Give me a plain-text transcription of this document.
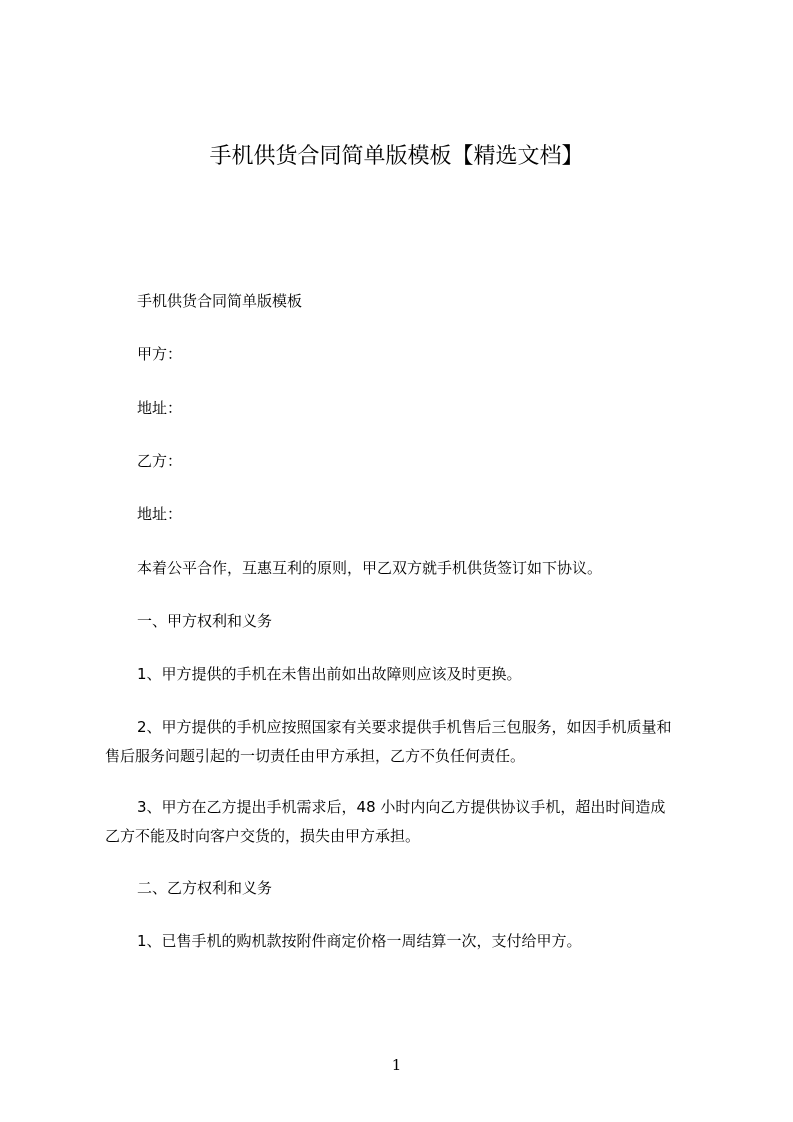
手机供货合同简单版模板【精选文档】

手机供货合同简单版模板

甲方：

地址：

乙方：

地址：

本着公平合作，互惠互利的原则，甲乙双方就手机供货签订如下协议。

一、甲方权利和义务

1、甲方提供的手机在未售出前如出故障则应该及时更换。

2、甲方提供的手机应按照国家有关要求提供手机售后三包服务，如因手机质量和
售后服务问题引起的一切责任由甲方承担，乙方不负任何责任。
3、甲方在乙方提出手机需求后，48 小时内向乙方提供协议手机，超出时间造成
乙方不能及时向客户交货的，损失由甲方承担。

二、乙方权利和义务

1、已售手机的购机款按附件商定价格一周结算一次，支付给甲方。

1
